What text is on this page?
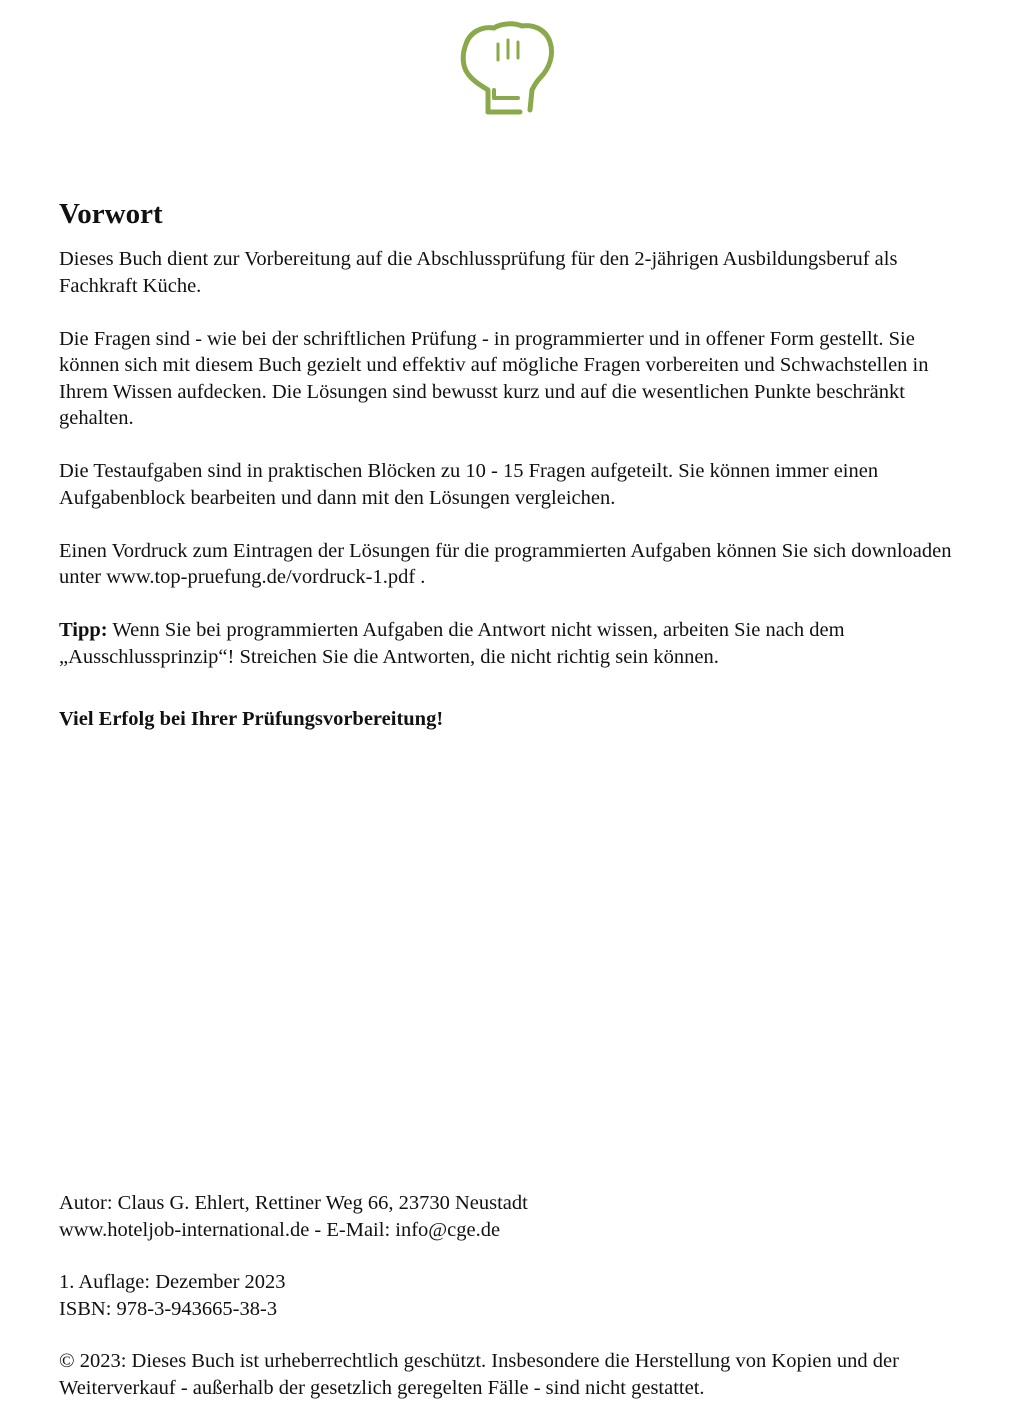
Vorwort

Dieses Buch dient zur Vorbereitung auf die Abschlussprüfung für den 2-jährigen Ausbildungsberuf als Fachkraft Küche.

Die Fragen sind - wie bei der schriftlichen Prüfung - in programmierter und in offener Form gestellt. Sie können sich mit diesem Buch gezielt und effektiv auf mögliche Fragen vorbereiten und Schwachstellen in Ihrem Wissen aufdecken. Die Lösungen sind bewusst kurz und auf die wesentlichen Punkte beschränkt gehalten.

Die Testaufgaben sind in praktischen Blöcken zu 10 - 15 Fragen aufgeteilt. Sie können immer einen Aufgabenblock bearbeiten und dann mit den Lösungen vergleichen.

Einen Vordruck zum Eintragen der Lösungen für die programmierten Aufgaben können Sie sich downloaden unter www.top-pruefung.de/vordruck-1.pdf .

Tipp: Wenn Sie bei programmierten Aufgaben die Antwort nicht wissen, arbeiten Sie nach dem „Ausschlussprinzip“! Streichen Sie die Antworten, die nicht richtig sein können.

Viel Erfolg bei Ihrer Prüfungsvorbereitung!

Autor: Claus G. Ehlert, Rettiner Weg 66, 23730 Neustadt
www.hoteljob-international.de - E-Mail: info@cge.de

1. Auflage: Dezember 2023
ISBN: 978-3-943665-38-3

© 2023: Dieses Buch ist urheberrechtlich geschützt. Insbesondere die Herstellung von Kopien und der Weiterverkauf - außerhalb der gesetzlich geregelten Fälle - sind nicht gestattet.
